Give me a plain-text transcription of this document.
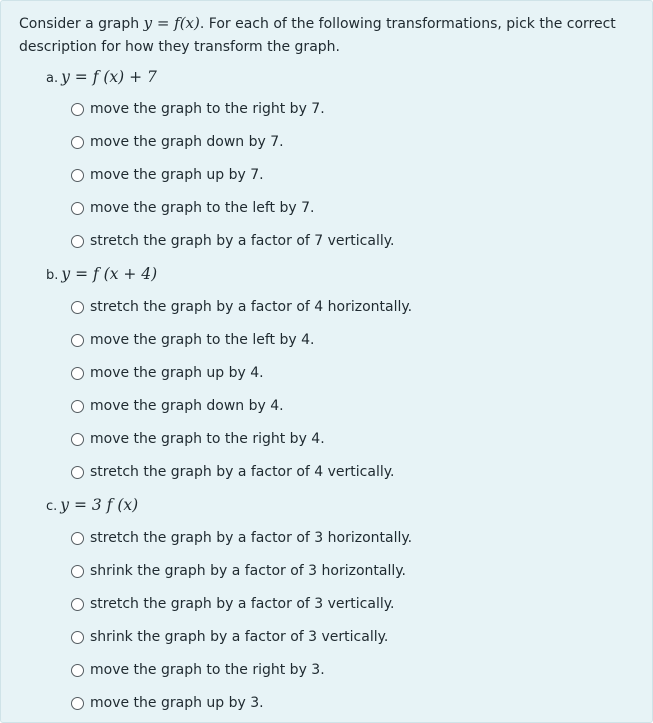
Consider a graph y = f(x). For each of the following transformations, pick the correct description for how they transform the graph.
a. y = f (x) + 7
move the graph to the right by 7.
move the graph down by 7.
move the graph up by 7.
move the graph to the left by 7.
stretch the graph by a factor of 7 vertically.
b. y = f (x + 4)
stretch the graph by a factor of 4 horizontally.
move the graph to the left by 4.
move the graph up by 4.
move the graph down by 4.
move the graph to the right by 4.
stretch the graph by a factor of 4 vertically.
c. y = 3 f (x)
stretch the graph by a factor of 3 horizontally.
shrink the graph by a factor of 3 horizontally.
stretch the graph by a factor of 3 vertically.
shrink the graph by a factor of 3 vertically.
move the graph to the right by 3.
move the graph up by 3.
